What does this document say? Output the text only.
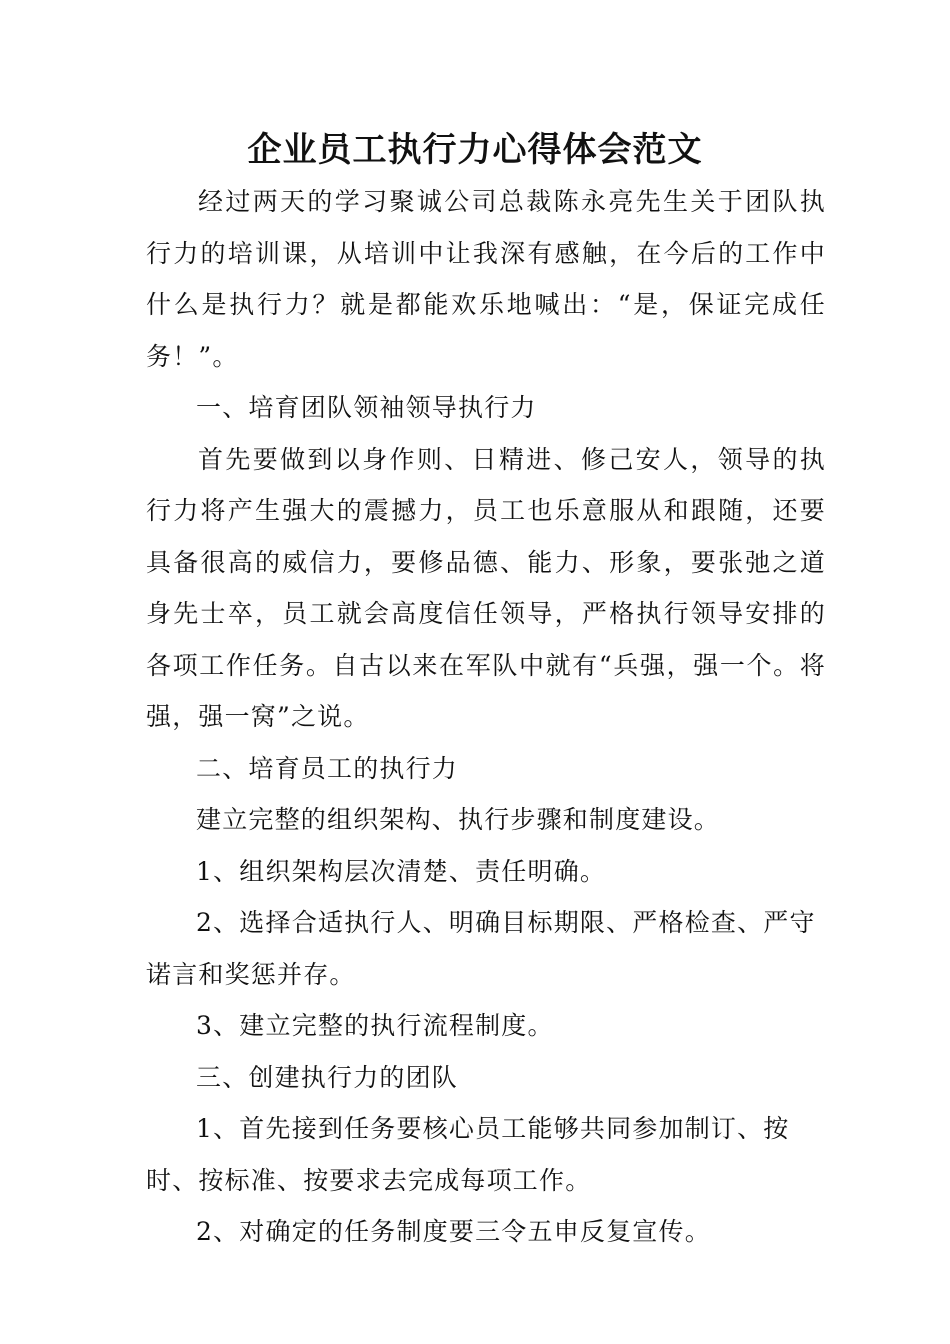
企业员工执行力心得体会范文

经过两天的学习聚诚公司总裁陈永亮先生关于团队执行力的培训课，从培训中让我深有感触，在今后的工作中什么是执行力？就是都能欢乐地喊出：“是，保证完成任务！”。

一、培育团队领袖领导执行力

首先要做到以身作则、日精进、修己安人，领导的执行力将产生强大的震撼力，员工也乐意服从和跟随，还要具备很高的威信力，要修品德、能力、形象，要张弛之道身先士卒，员工就会高度信任领导，严格执行领导安排的各项工作任务。自古以来在军队中就有“兵强，强一个。将强，强一窝”之说。

二、培育员工的执行力

建立完整的组织架构、执行步骤和制度建设。

1、组织架构层次清楚、责任明确。

2、选择合适执行人、明确目标期限、严格检查、严守诺言和奖惩并存。

3、建立完整的执行流程制度。

三、创建执行力的团队

1、首先接到任务要核心员工能够共同参加制订、按时、按标准、按要求去完成每项工作。

2、对确定的任务制度要三令五申反复宣传。
